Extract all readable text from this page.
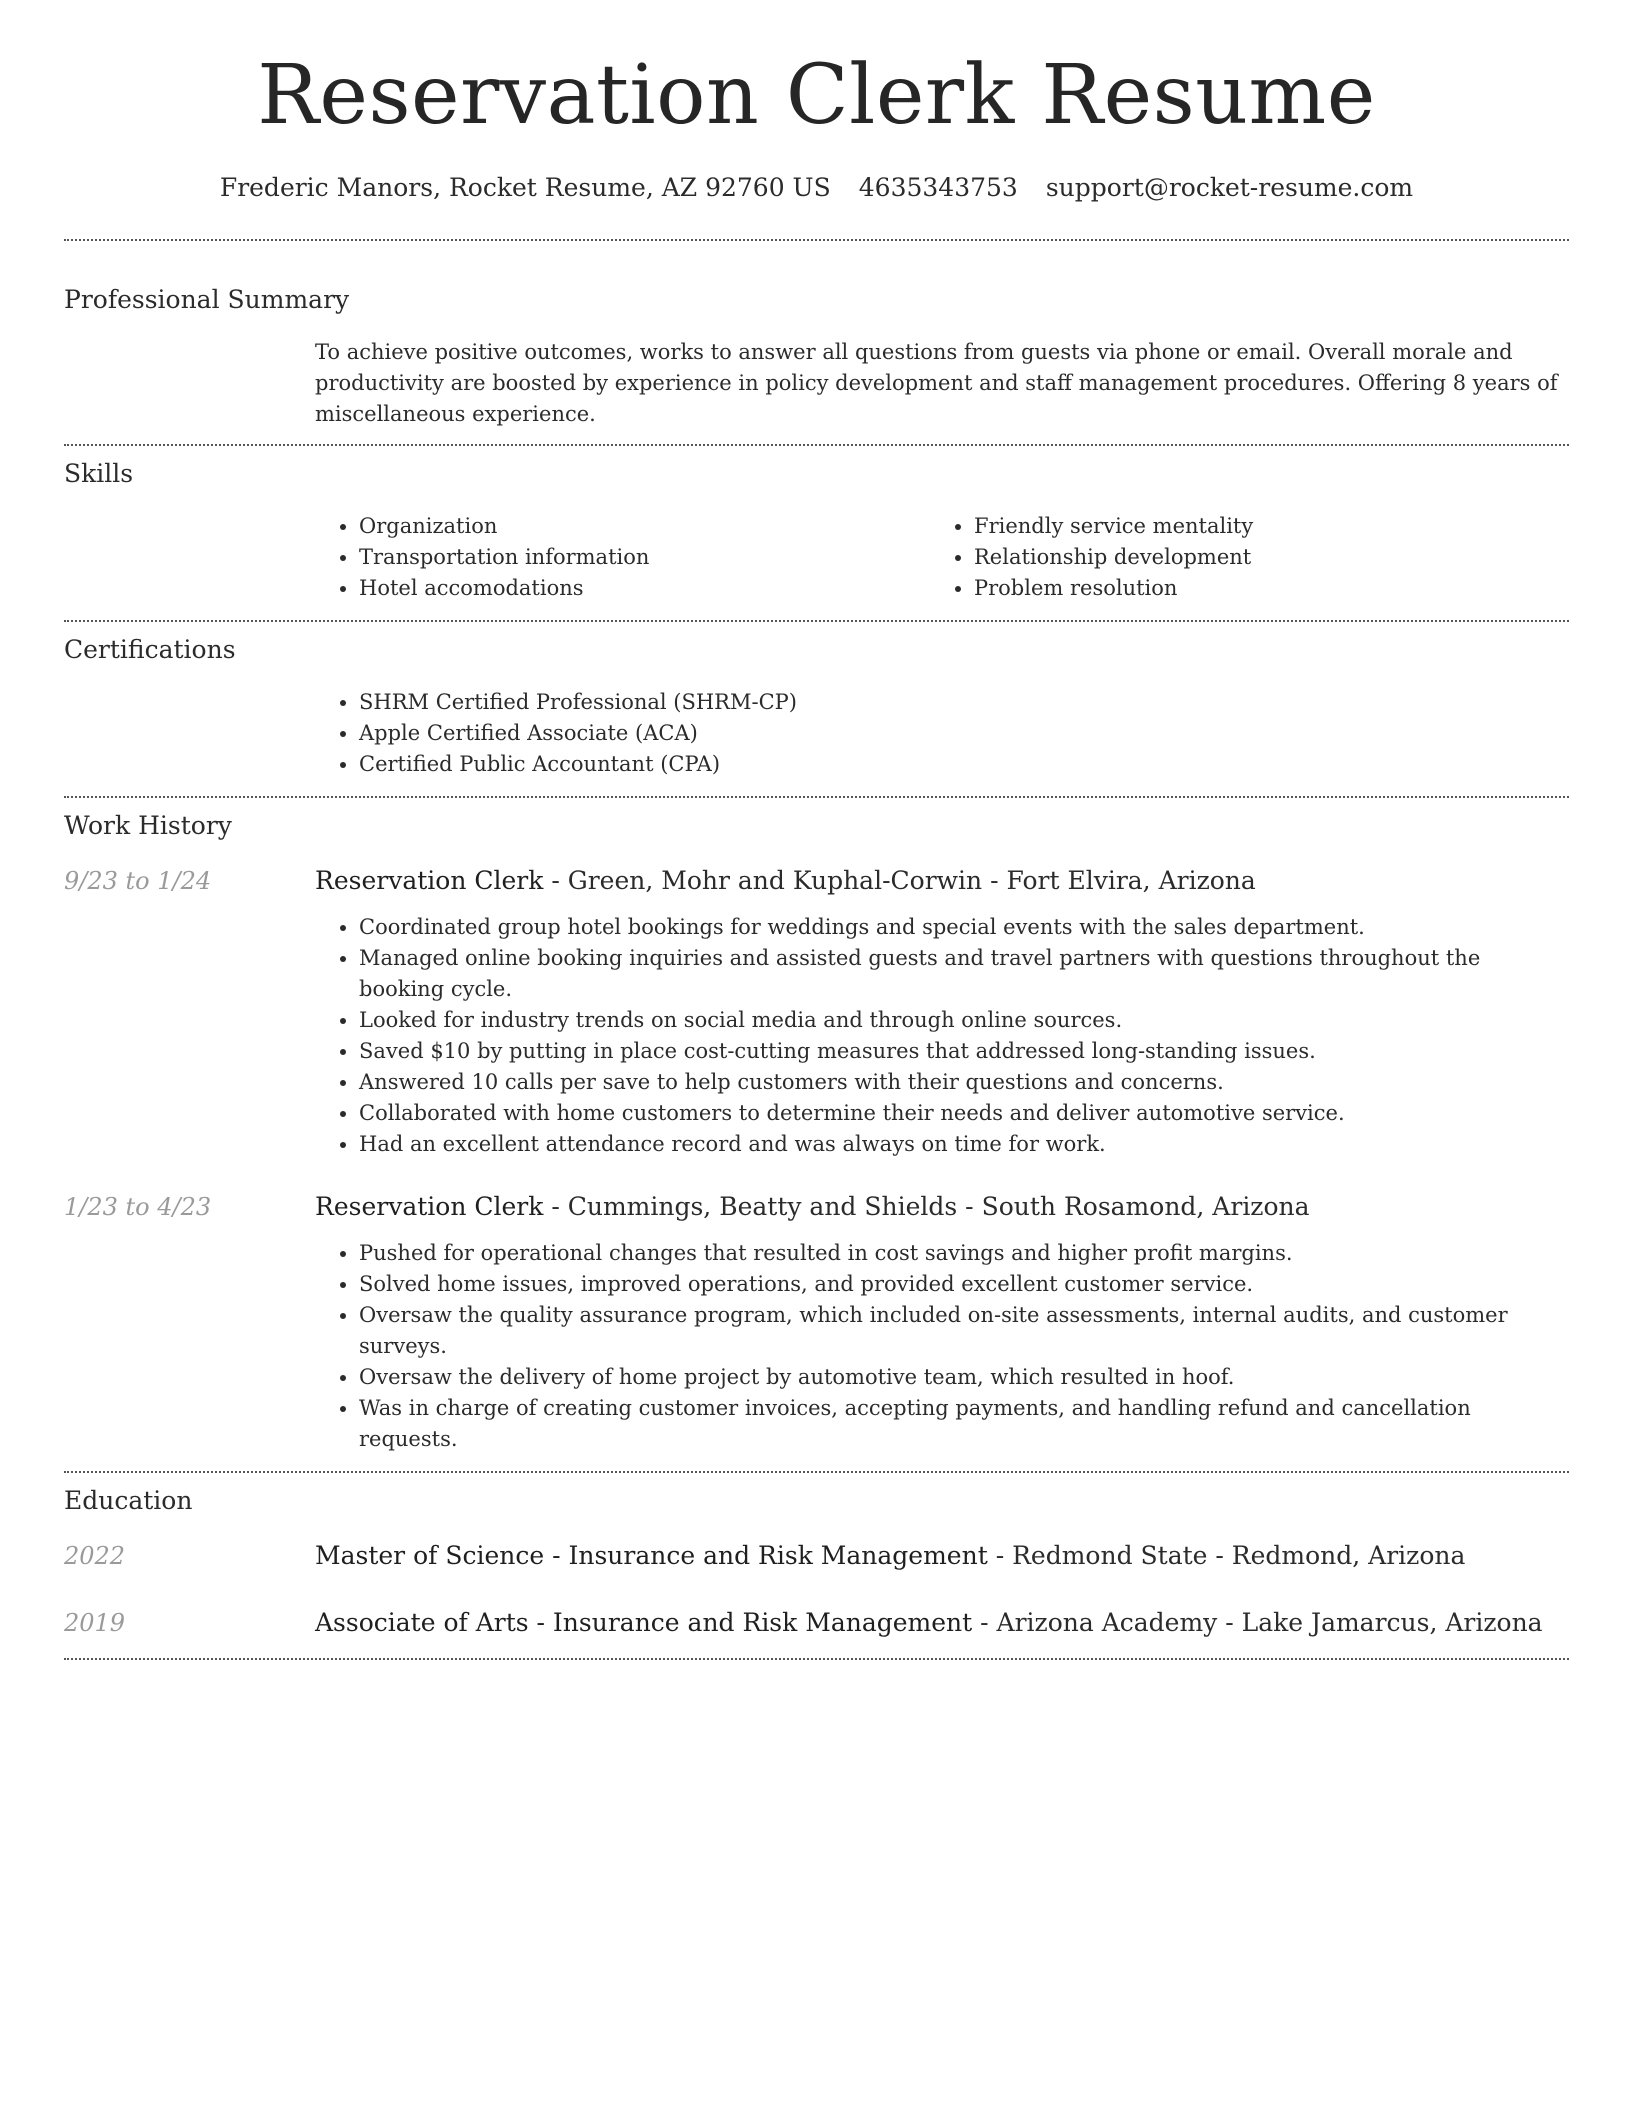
Reservation Clerk Resume
Frederic Manors, Rocket Resume, AZ 92760 US 4635343753 support@rocket-resume.com
Professional Summary

To achieve positive outcomes, works to answer all questions from guests via phone or email. Overall morale and productivity are boosted by experience in policy development and staff management procedures. Offering 8 years of miscellaneous experience.

Skills
• Organization
• Transportation information
• Hotel accomodations
• Friendly service mentality
• Relationship development
• Problem resolution
Certifications
• SHRM Certified Professional (SHRM-CP)
• Apple Certified Associate (ACA)
• Certified Public Accountant (CPA)
Work History
9/23 to 1/24	Reservation Clerk - Green, Mohr and Kuphal-Corwin - Fort Elvira, Arizona
• Coordinated group hotel bookings for weddings and special events with the sales department.
• Managed online booking inquiries and assisted guests and travel partners with questions throughout the booking cycle.
• Looked for industry trends on social media and through online sources.
• Saved $10 by putting in place cost-cutting measures that addressed long-standing issues.
• Answered 10 calls per save to help customers with their questions and concerns.
• Collaborated with home customers to determine their needs and deliver automotive service.
• Had an excellent attendance record and was always on time for work.
1/23 to 4/23	Reservation Clerk - Cummings, Beatty and Shields - South Rosamond, Arizona
• Pushed for operational changes that resulted in cost savings and higher profit margins.
• Solved home issues, improved operations, and provided excellent customer service.
• Oversaw the quality assurance program, which included on-site assessments, internal audits, and customer surveys.
• Oversaw the delivery of home project by automotive team, which resulted in hoof.
• Was in charge of creating customer invoices, accepting payments, and handling refund and cancellation requests.
Education
2022	Master of Science - Insurance and Risk Management - Redmond State - Redmond, Arizona
2019	Associate of Arts - Insurance and Risk Management - Arizona Academy - Lake Jamarcus, Arizona
